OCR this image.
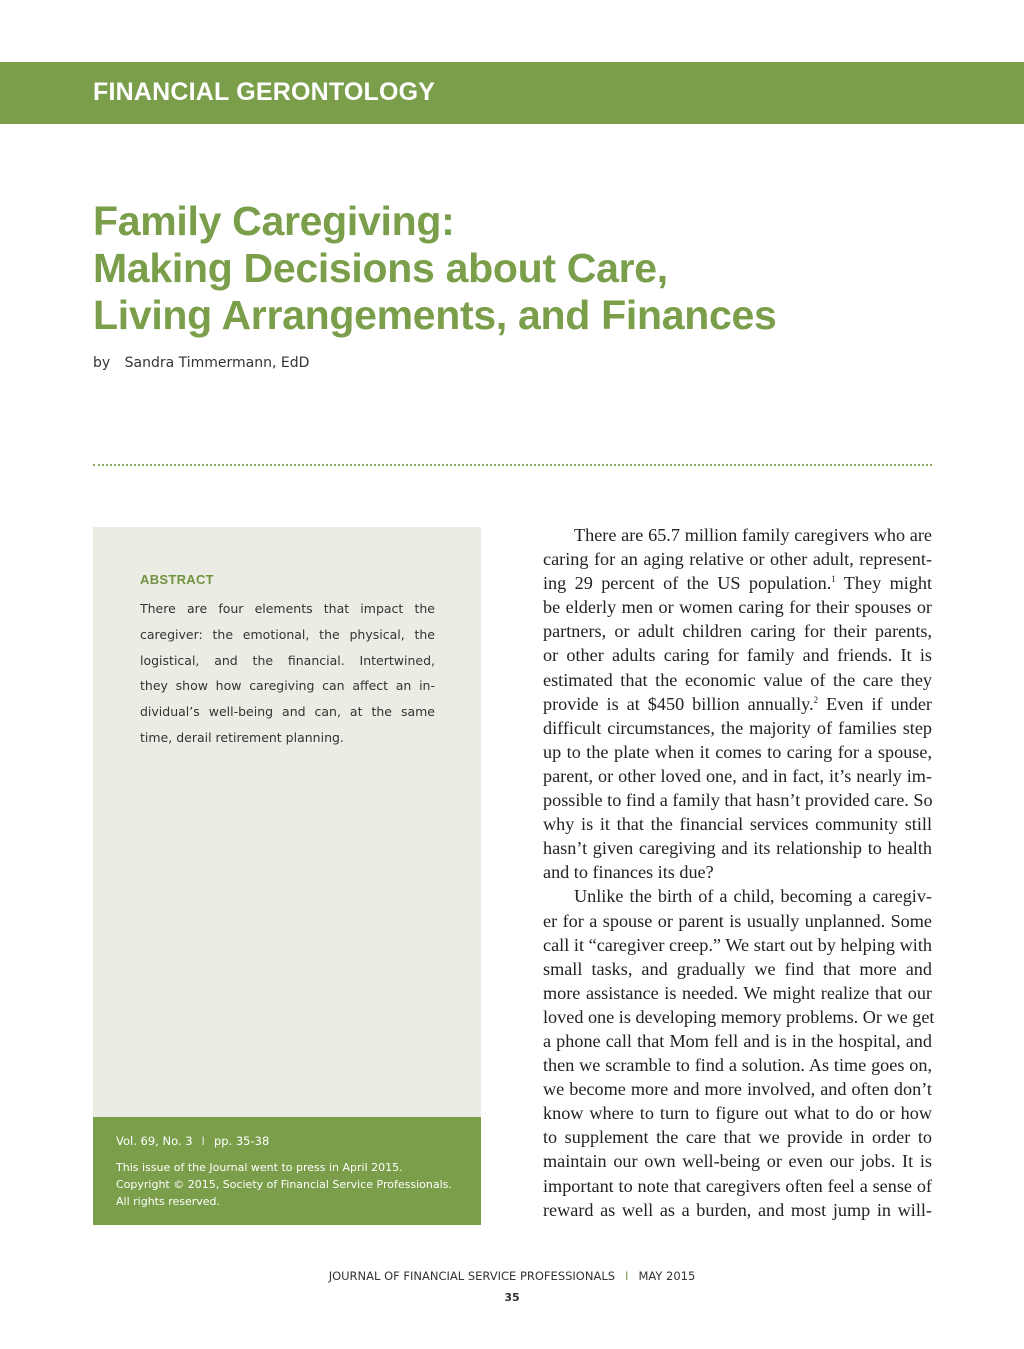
FINANCIAL GERONTOLOGY
Family Caregiving:
Making Decisions about Care,
Living Arrangements, and Finances
by Sandra Timmermann, EdD
ABSTRACT
There are four elements that impact the
caregiver: the emotional, the physical, the
logistical, and the financial. Intertwined,
they show how caregiving can affect an in-
dividual’s well-being and can, at the same
time, derail retirement planning.
Vol. 69, No. 3 I pp. 35-38
This issue of the Journal went to press in April 2015.
Copyright © 2015, Society of Financial Service Professionals.
All rights reserved.
There are 65.7 million family caregivers who are
caring for an aging relative or other adult, represent-
ing 29 percent of the US population.$^1$ They might
be elderly men or women caring for their spouses or
partners, or adult children caring for their parents,
or other adults caring for family and friends. It is
estimated that the economic value of the care they
provide is at $450 billion annually.$^2$ Even if under
difficult circumstances, the majority of families step
up to the plate when it comes to caring for a spouse,
parent, or other loved one, and in fact, it’s nearly im-
possible to find a family that hasn’t provided care. So
why is it that the financial services community still
hasn’t given caregiving and its relationship to health
and to finances its due?
Unlike the birth of a child, becoming a caregiv-
er for a spouse or parent is usually unplanned. Some
call it “caregiver creep.” We start out by helping with
small tasks, and gradually we find that more and
more assistance is needed. We might realize that our
loved one is developing memory problems. Or we get
a phone call that Mom fell and is in the hospital, and
then we scramble to find a solution. As time goes on,
we become more and more involved, and often don’t
know where to turn to figure out what to do or how
to supplement the care that we provide in order to
maintain our own well-being or even our jobs. It is
important to note that caregivers often feel a sense of
reward as well as a burden, and most jump in will-
JOURNAL OF FINANCIAL SERVICE PROFESSIONALS I MAY 2015
35
